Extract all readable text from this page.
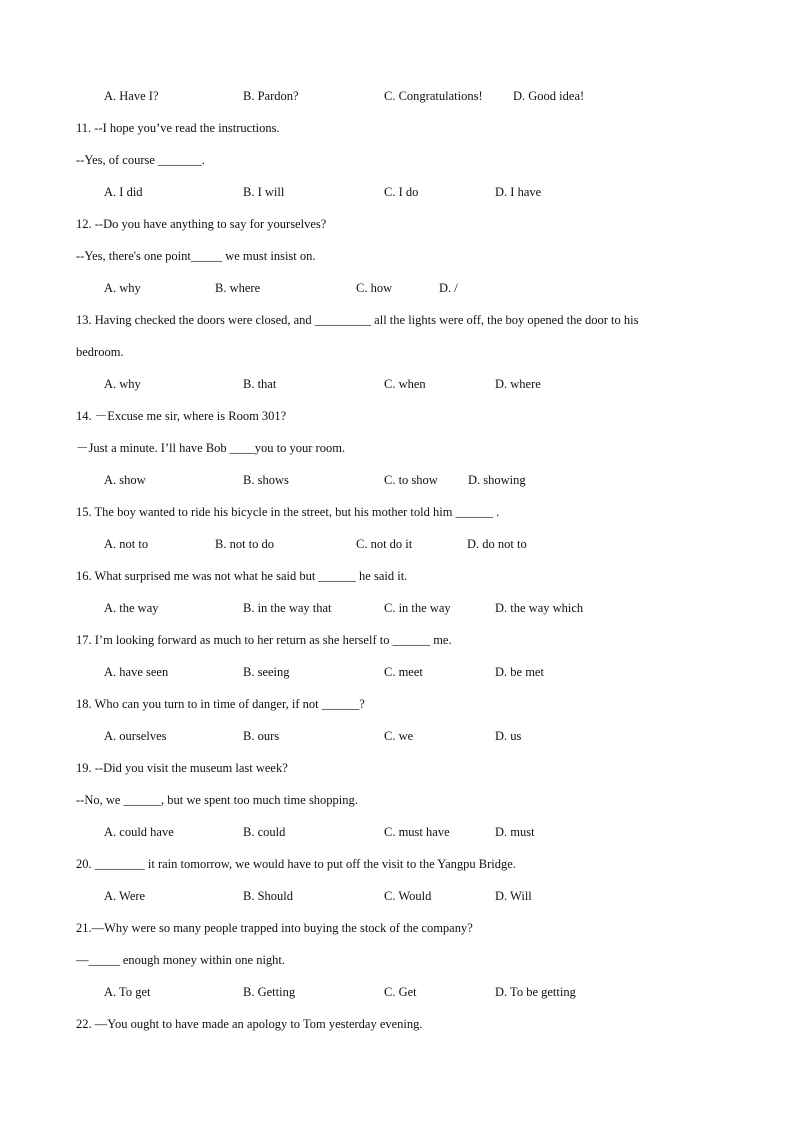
A. Have I?	B. Pardon?	C. Congratulations! D. Good idea!
11. --I hope you’ve read the instructions.
--Yes, of course _______.
A. I did	B. I will	C. I do	D. I have
12. --Do you have anything to say for yourselves?
--Yes, there's one point_____ we must insist on.
A. why	B. where	C. how	D. /
13. Having checked the doors were closed, and _________ all the lights were off, the boy opened the door to his
bedroom.
A. why	B. that	C. when	D. where
14. －Excuse me sir, where is Room 301?
－Just a minute. I’ll have Bob ____you to your room.
A. show	B. shows	C. to show D. showing
15. The boy wanted to ride his bicycle in the street, but his mother told him ______ .
A. not to	B. not to do	C. not do it	D. do not to
16. What surprised me was not what he said but ______ he said it.
A. the way	B. in the way that	C. in the way	D. the way which
17. I’m looking forward as much to her return as she herself to ______ me.
A. have seen	B. seeing	C. meet	D. be met
18. Who can you turn to in time of danger, if not ______?
A. ourselves	B. ours	C. we	D. us
19. --Did you visit the museum last week?
--No, we ______, but we spent too much time shopping.
A. could have	B. could	C. must have	D. must
20. ________ it rain tomorrow, we would have to put off the visit to the Yangpu Bridge.
A. Were	B. Should	C. Would	D. Will
21.—Why were so many people trapped into buying the stock of the company?
—_____ enough money within one night.
A. To get	B. Getting	C. Get	D. To be getting
22. —You ought to have made an apology to Tom yesterday evening.
